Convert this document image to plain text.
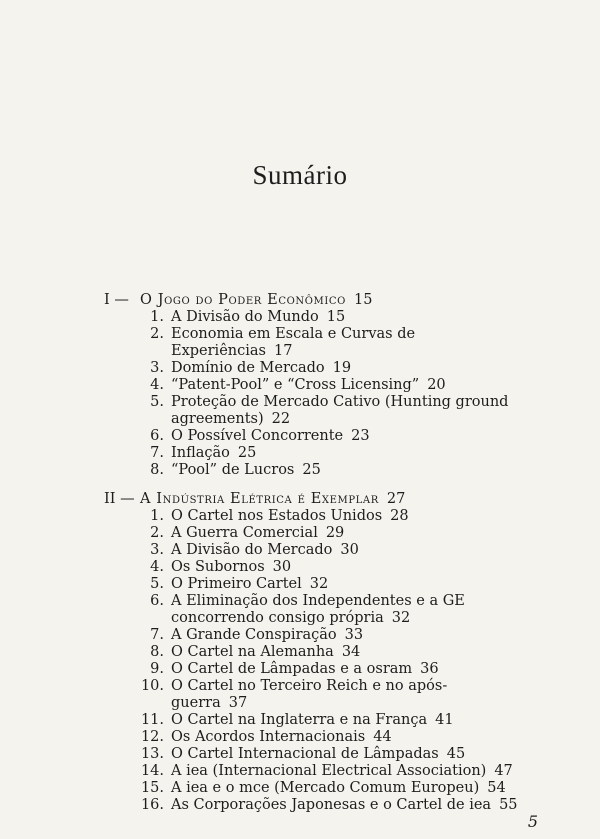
Sumário
I — O Jogo do Poder Econômico 15
1. A Divisão do Mundo 15
2. Economia em Escala e Curvas de Experiências 17
3. Domínio de Mercado 19
4. “Patent-Pool” e “Cross Licensing” 20
5. Proteção de Mercado Cativo (Hunting ground agreements) 22
6. O Possível Concorrente 23
7. Inflação 25
8. “Pool” de Lucros 25
II — A Indústria Elétrica é Exemplar 27
1. O Cartel nos Estados Unidos 28
2. A Guerra Comercial 29
3. A Divisão do Mercado 30
4. Os Subornos 30
5. O Primeiro Cartel 32
6. A Eliminação dos Independentes e a GE concorrendo consigo própria 32
7. A Grande Conspiração 33
8. O Cartel na Alemanha 34
9. O Cartel de Lâmpadas e a osram 36
10. O Cartel no Terceiro Reich e no após-guerra 37
11. O Cartel na Inglaterra e na França 41
12. Os Acordos Internacionais 44
13. O Cartel Internacional de Lâmpadas 45
14. A iea (Internacional Electrical Association) 47
15. A iea e o mce (Mercado Comum Europeu) 54
16. As Corporações Japonesas e o Cartel de iea 55
5
